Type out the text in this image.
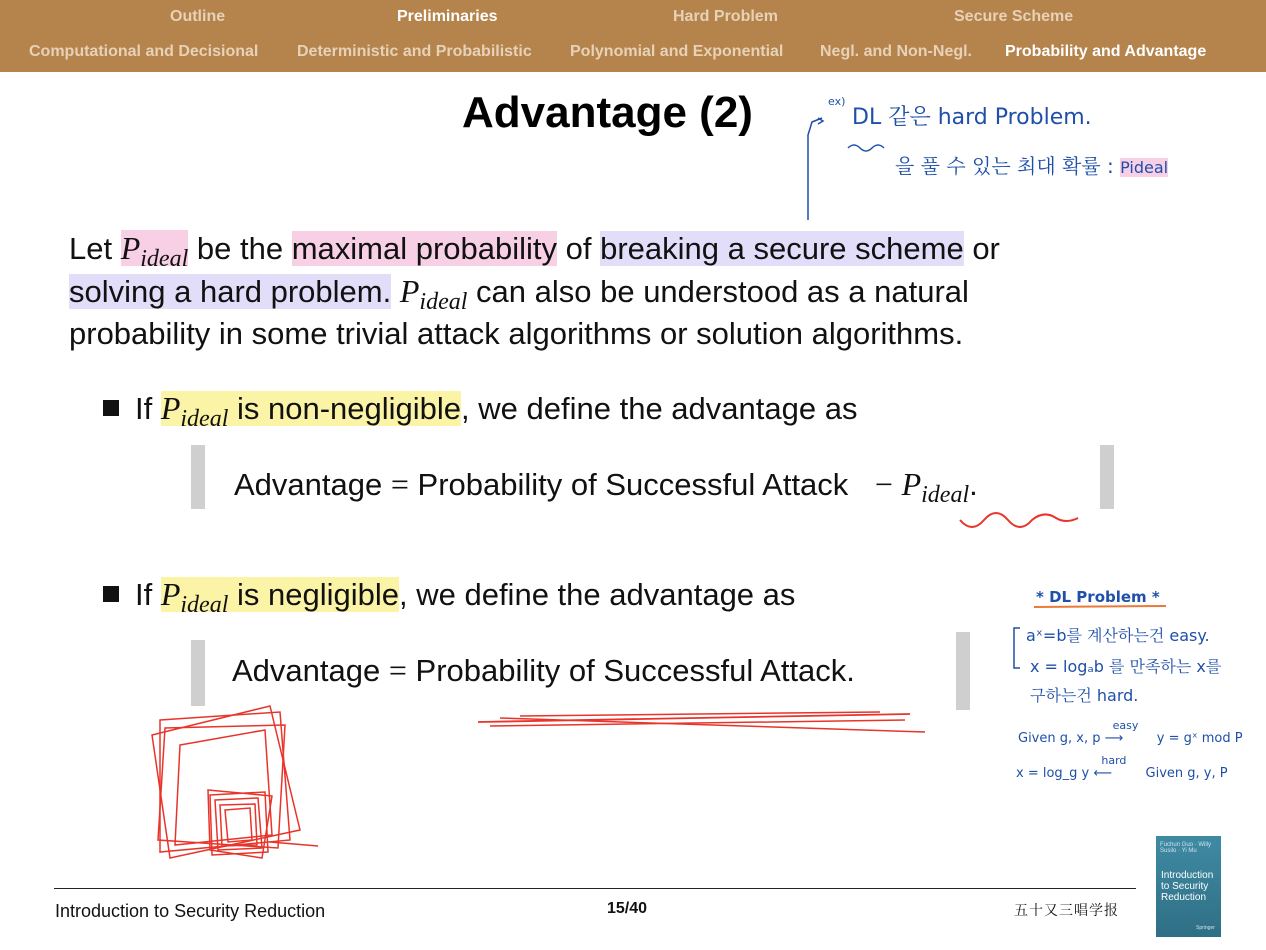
Outline	Preliminaries	Hard Problem	Secure Scheme
Computational and Decisional Deterministic and Probabilistic Polynomial and Exponential Negl. and Non-Negl. Probability and Advantage
Advantage (2)
Let $P_{ideal}$ be the maximal probability of breaking a secure scheme or
solving a hard problem. $P_{ideal}$ can also be understood as a natural
probability in some trivial attack algorithms or solution algorithms.
If $P_{ideal}$ is non-negligible, we define the advantage as
Advantage = Probability of Successful Attack − $P_{ideal}$.
If $P_{ideal}$ is negligible, we define the advantage as
Advantage = Probability of Successful Attack.
ex)
DL 같은 hard Problem.
을 풀 수 있는 최대 확률 : Pideal
* DL Problem *
aˣ=b를 계산하는건 easy.
x = logₐb 를 만족하는 x를
구하는건 hard.
Given g, x, p
easy
⟶	y = gˣ mod P
x = log_g y
hard
⟵	Given g, y, P
Introduction to Security Reduction	15/40	五十又三唱学报
Fuchun Guo · Willy Susilo · Yi Mu
Introduction to Security Reduction
Springer
